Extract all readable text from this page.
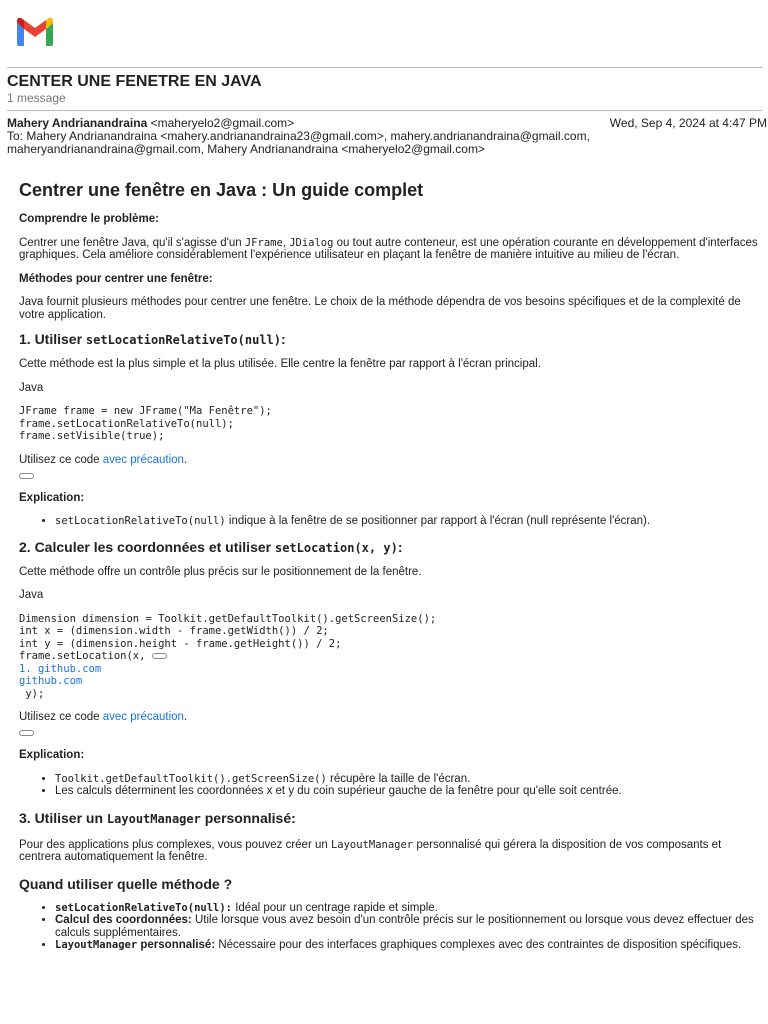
CENTER UNE FENETRE EN JAVA
1 message
Mahery Andrianandraina <maheryelo2@gmail.com>	Wed, Sep 4, 2024 at 4:47 PM
To: Mahery Andrianandraina <mahery.andrianandraina23@gmail.com>, mahery.andrianandraina@gmail.com,
maheryandrianandraina@gmail.com, Mahery Andrianandraina <maheryelo2@gmail.com>

Centrer une fenêtre en Java : Un guide complet

Comprendre le problème:

Centrer une fenêtre Java, qu'il s'agisse d'un JFrame, JDialog ou tout autre conteneur, est une opération courante en développement d'interfaces graphiques. Cela améliore considérablement l'expérience utilisateur en plaçant la fenêtre de manière intuitive au milieu de l'écran.

Méthodes pour centrer une fenêtre:

Java fournit plusieurs méthodes pour centrer une fenêtre. Le choix de la méthode dépendra de vos besoins spécifiques et de la complexité de votre application.

1. Utiliser setLocationRelativeTo(null):

Cette méthode est la plus simple et la plus utilisée. Elle centre la fenêtre par rapport à l'écran principal.

Java

JFrame frame = new JFrame("Ma Fenêtre");
frame.setLocationRelativeTo(null);
frame.setVisible(true);

Utilisez ce code avec précaution.

Explication:

• setLocationRelativeTo(null) indique à la fenêtre de se positionner par rapport à l'écran (null représente l'écran).

2. Calculer les coordonnées et utiliser setLocation(x, y):

Cette méthode offre un contrôle plus précis sur le positionnement de la fenêtre.

Java

Dimension dimension = Toolkit.getDefaultToolkit().getScreenSize();
int x = (dimension.width - frame.getWidth()) / 2;
int y = (dimension.height - frame.getHeight()) / 2;
frame.setLocation(x,
1. github.com
github.com
y);

Utilisez ce code avec précaution.

Explication:

• Toolkit.getDefaultToolkit().getScreenSize() récupère la taille de l'écran.
• Les calculs déterminent les coordonnées x et y du coin supérieur gauche de la fenêtre pour qu'elle soit centrée.

3. Utiliser un LayoutManager personnalisé:

Pour des applications plus complexes, vous pouvez créer un LayoutManager personnalisé qui gérera la disposition de vos composants et centrera automatiquement la fenêtre.

Quand utiliser quelle méthode ?

• setLocationRelativeTo(null): Idéal pour un centrage rapide et simple.
• Calcul des coordonnées: Utile lorsque vous avez besoin d'un contrôle précis sur le positionnement ou lorsque vous devez effectuer des calculs supplémentaires.
• LayoutManager personnalisé: Nécessaire pour des interfaces graphiques complexes avec des contraintes de disposition spécifiques.
